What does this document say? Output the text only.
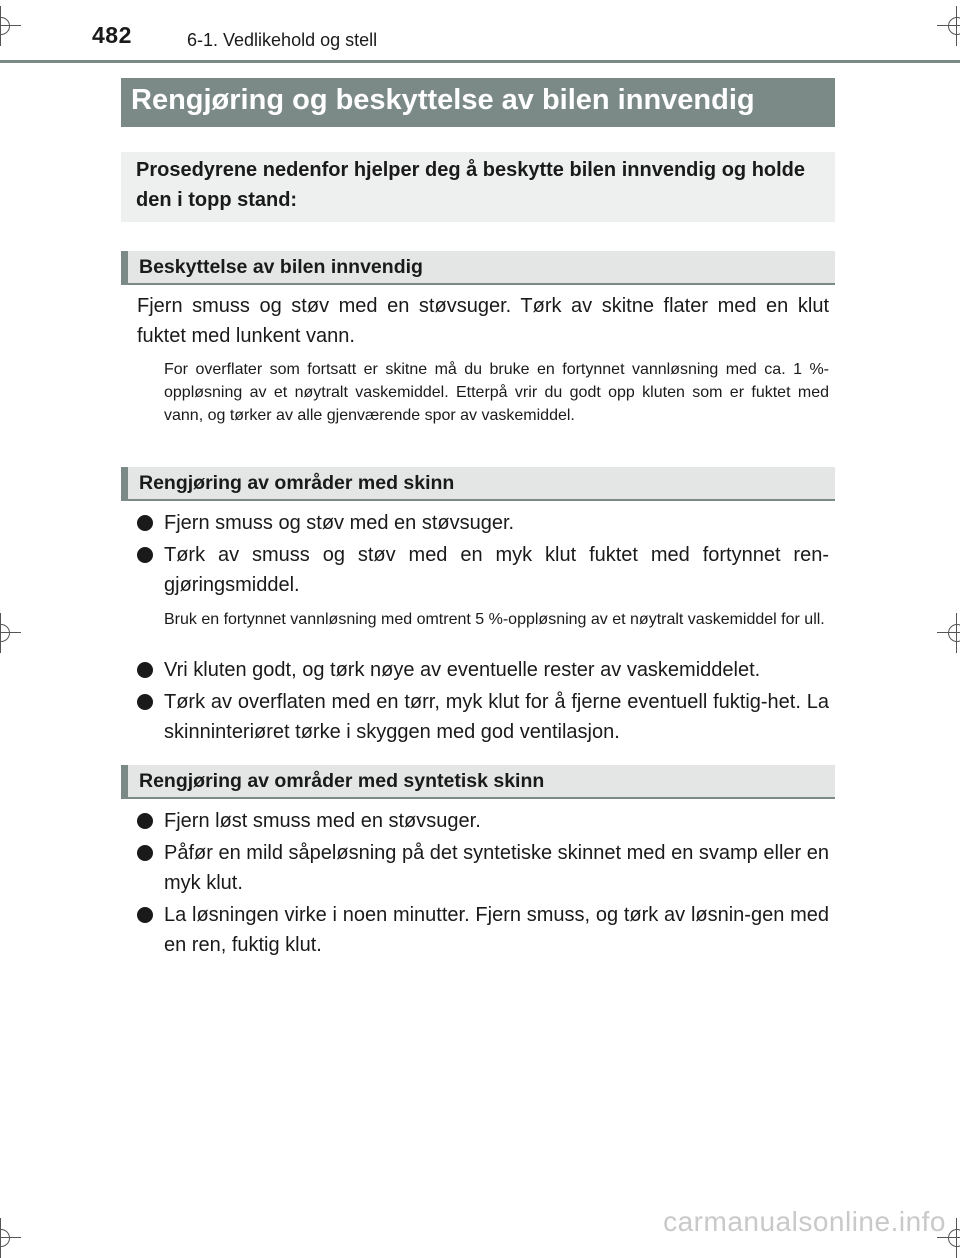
482	6-1. Vedlikehold og stell
Rengjøring og beskyttelse av bilen innvendig

Prosedyrene nedenfor hjelper deg å beskytte bilen innvendig og holde den i topp stand:

Beskyttelse av bilen innvendig

Fjern smuss og støv med en støvsuger. Tørk av skitne flater med en klut fuktet med lunkent vann.

For overflater som fortsatt er skitne må du bruke en fortynnet vannløsning med ca. 1 %-oppløsning av et nøytralt vaskemiddel. Etterpå vrir du godt opp kluten som er fuktet med vann, og tørker av alle gjenværende spor av vaskemiddel.

Rengjøring av områder med skinn
Fjern smuss og støv med en støvsuger.
Tørk av smuss og støv med en myk klut fuktet med fortynnet ren-gjøringsmiddel.

Bruk en fortynnet vannløsning med omtrent 5 %-oppløsning av et nøytralt vaskemiddel for ull.

Vri kluten godt, og tørk nøye av eventuelle rester av vaskemiddelet.
Tørk av overflaten med en tørr, myk klut for å fjerne eventuell fuktig-het. La skinninteriøret tørke i skyggen med god ventilasjon.
Rengjøring av områder med syntetisk skinn
Fjern løst smuss med en støvsuger.
Påfør en mild såpeløsning på det syntetiske skinnet med en svamp eller en myk klut.
La løsningen virke i noen minutter. Fjern smuss, og tørk av løsnin-gen med en ren, fuktig klut.
carmanualsonline.info
